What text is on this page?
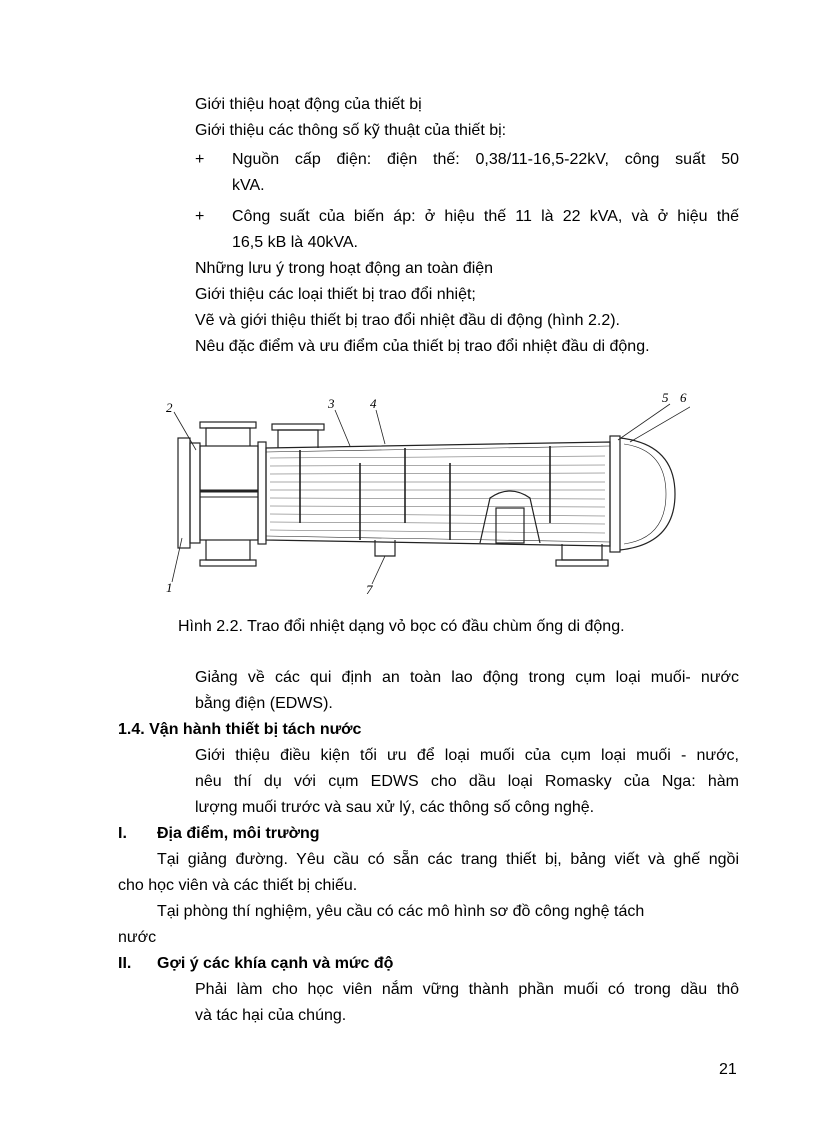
Giới thiệu hoạt động của thiết bị
Giới thiệu các thông số kỹ thuật của thiết bị:
+ Nguồn cấp điện: điện thế: 0,38/11-16,5-22kV, công suất 50
kVA.
+ Công suất của biến áp: ở hiệu thế 11 là 22 kVA, và ở hiệu thế
16,5 kB là 40kVA.
Những lưu ý trong hoạt động an toàn điện
Giới thiệu các loại thiết bị trao đổi nhiệt;
Vẽ và giới thiệu thiết bị trao đổi nhiệt đầu di động (hình 2.2).
Nêu đặc điểm và ưu điểm của thiết bị trao đổi nhiệt đầu di động.
1
2	3	4	5 6
7
Hình 2.2. Trao đổi nhiệt dạng vỏ bọc có đầu chùm ống di động.
Giảng về các qui định an toàn lao động trong cụm loại muối- nước
bằng điện (EDWS).
1.4. Vận hành thiết bị tách nước
Giới thiệu điều kiện tối ưu để loại muối của cụm loại muối - nước,
nêu thí dụ với cụm EDWS cho dầu loại Romasky của Nga: hàm
lượng muối trước và sau xử lý, các thông số công nghệ.
I. Địa điểm, môi trường
Tại giảng đường. Yêu cầu có sẵn các trang thiết bị, bảng viết và ghế ngồi
cho học viên và các thiết bị chiếu.
Tại phòng thí nghiệm, yêu cầu có các mô hình sơ đồ công nghệ tách
nước
II. Gợi ý các khía cạnh và mức độ
Phải làm cho học viên nắm vững thành phần muối có trong dầu thô
và tác hại của chúng.
21
